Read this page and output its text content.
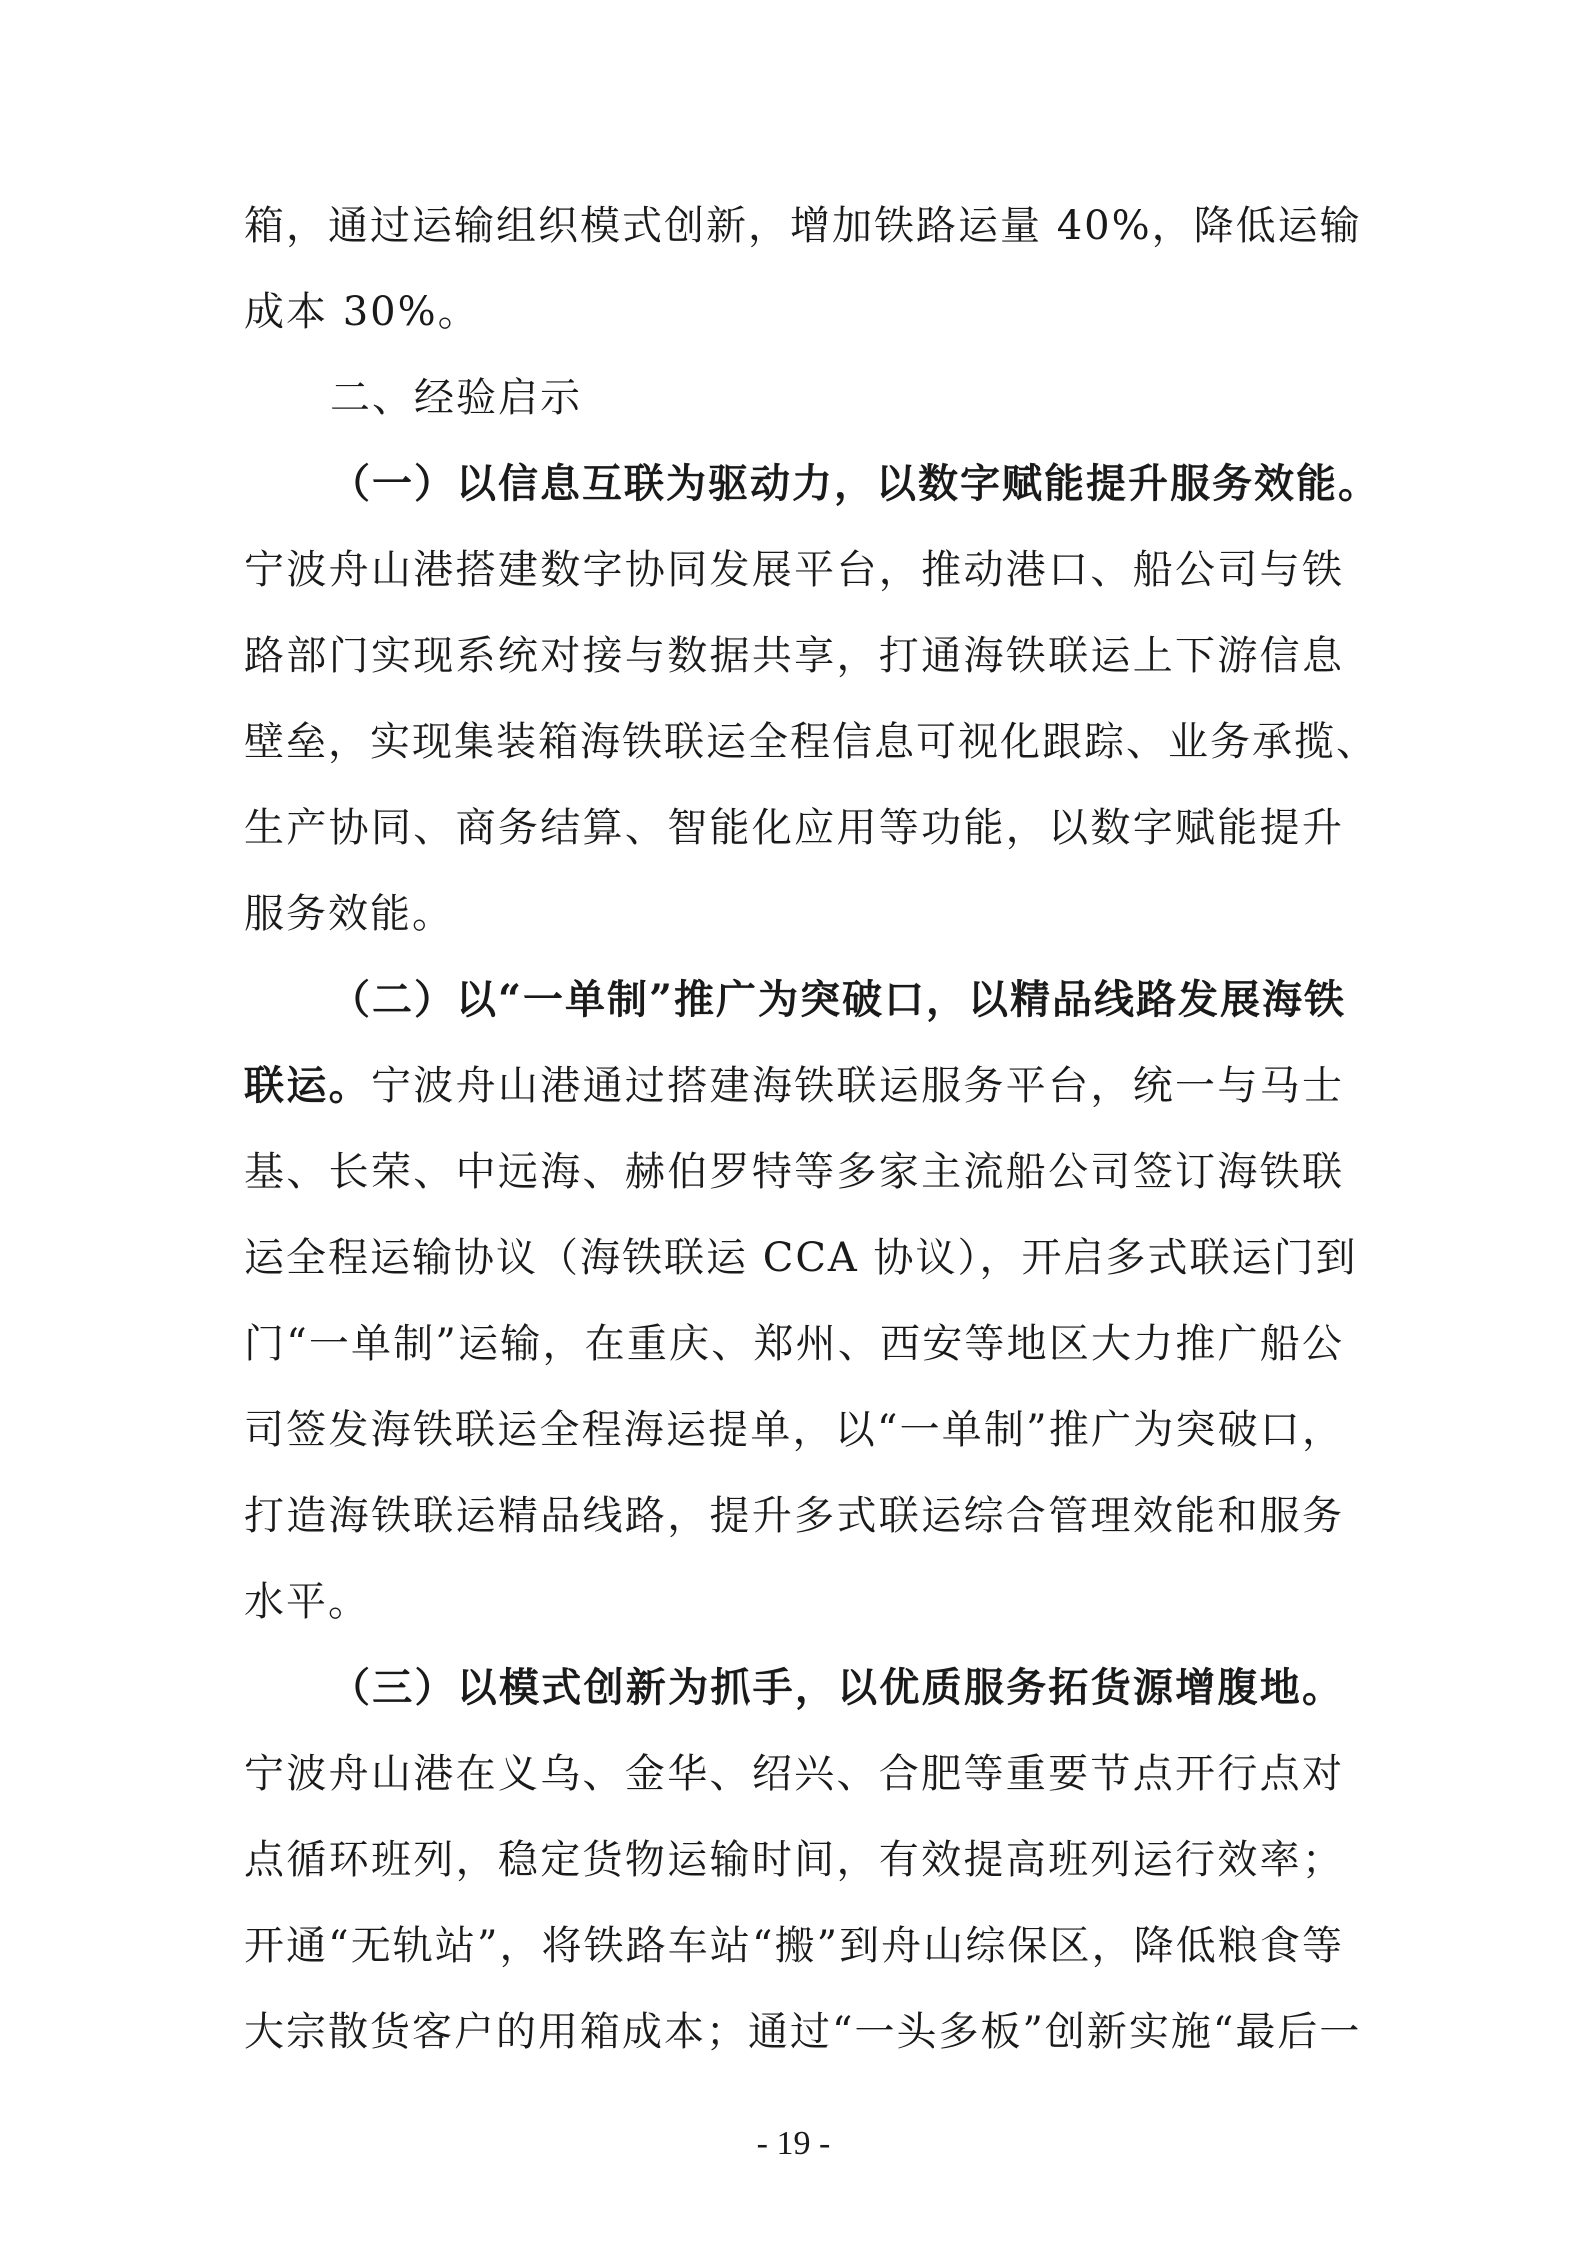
箱，通过运输组织模式创新，增加铁路运量 40%，降低运输
成本 30%。
二、经验启示
（一）以信息互联为驱动力，以数字赋能提升服务效能。
宁波舟山港搭建数字协同发展平台，推动港口、船公司与铁
路部门实现系统对接与数据共享，打通海铁联运上下游信息
壁垒，实现集装箱海铁联运全程信息可视化跟踪、业务承揽、
生产协同、商务结算、智能化应用等功能，以数字赋能提升
服务效能。
（二）以“一单制”推广为突破口，以精品线路发展海铁
联运。宁波舟山港通过搭建海铁联运服务平台，统一与马士
基、长荣、中远海、赫伯罗特等多家主流船公司签订海铁联
运全程运输协议（海铁联运 CCA 协议），开启多式联运门到
门“一单制”运输，在重庆、郑州、西安等地区大力推广船公
司签发海铁联运全程海运提单，以“一单制”推广为突破口，
打造海铁联运精品线路，提升多式联运综合管理效能和服务
水平。
（三）以模式创新为抓手，以优质服务拓货源增腹地。
宁波舟山港在义乌、金华、绍兴、合肥等重要节点开行点对
点循环班列，稳定货物运输时间，有效提高班列运行效率；
开通“无轨站”，将铁路车站“搬”到舟山综保区，降低粮食等
大宗散货客户的用箱成本；通过“一头多板”创新实施“最后一
- 19 -
